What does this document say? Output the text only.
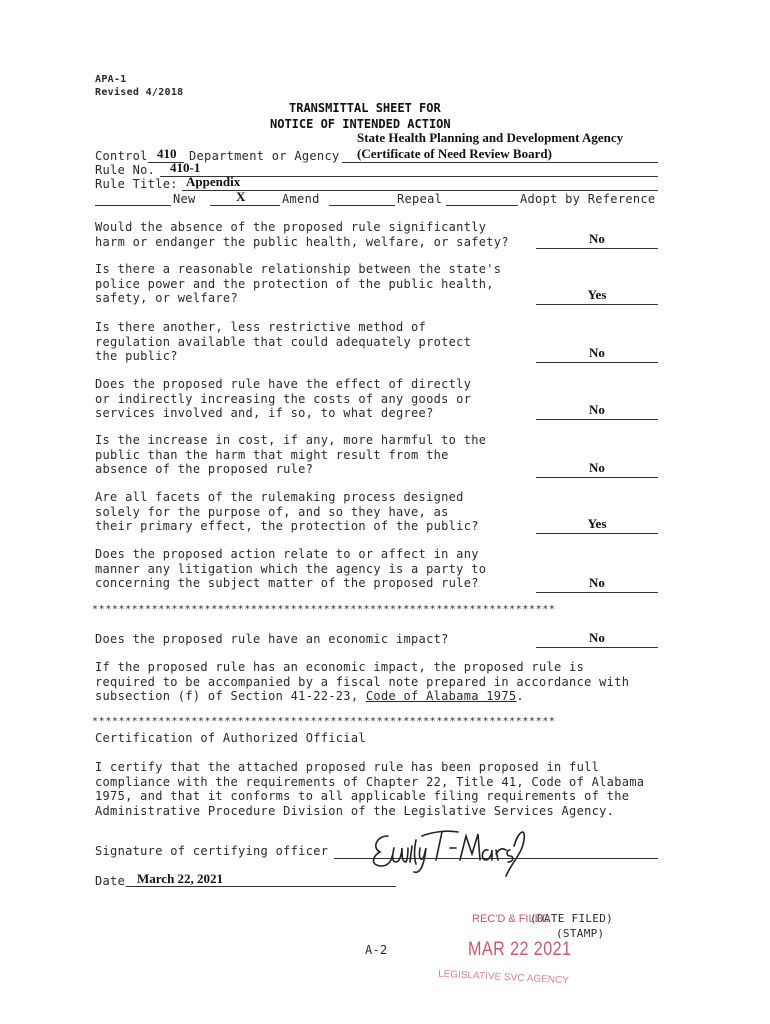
APA-1
Revised 4/2018
TRANSMITTAL SHEET FOR
NOTICE OF INTENDED ACTION
State Health Planning and Development Agency
Control 410 Department or Agency (Certificate of Need Review Board)
Rule No. 410-1
Rule Title: Appendix
New	X	Amend	Repeal	Adopt by Reference
Would the absence of the proposed rule significantly
harm or endanger the public health, welfare, or safety?	No
Is there a reasonable relationship between the state's
police power and the protection of the public health,
safety, or welfare?	Yes
Is there another, less restrictive method of
regulation available that could adequately protect
the public?	No
Does the proposed rule have the effect of directly
or indirectly increasing the costs of any goods or
services involved and, if so, to what degree?	No
Is the increase in cost, if any, more harmful to the
public than the harm that might result from the
absence of the proposed rule?	No
Are all facets of the rulemaking process designed
solely for the purpose of, and so they have, as
their primary effect, the protection of the public?	Yes
Does the proposed action relate to or affect in any
manner any litigation which the agency is a party to
concerning the subject matter of the proposed rule?	No
**********************************************************************
Does the proposed rule have an economic impact?	No
If the proposed rule has an economic impact, the proposed rule is
required to be accompanied by a fiscal note prepared in accordance with
subsection (f) of Section 41-22-23, Code of Alabama 1975.
**********************************************************************
Certification of Authorized Official
I certify that the attached proposed rule has been proposed in full
compliance with the requirements of Chapter 22, Title 41, Code of Alabama
1975, and that it conforms to all applicable filing requirements of the
Administrative Procedure Division of the Legislative Services Agency.
Signature of certifying officer
Date March 22, 2021
(DATE FILED)
(STAMP)
REC'D & FILED
MAR 22 2021
LEGISLATIVE SVC AGENCY
A-2
